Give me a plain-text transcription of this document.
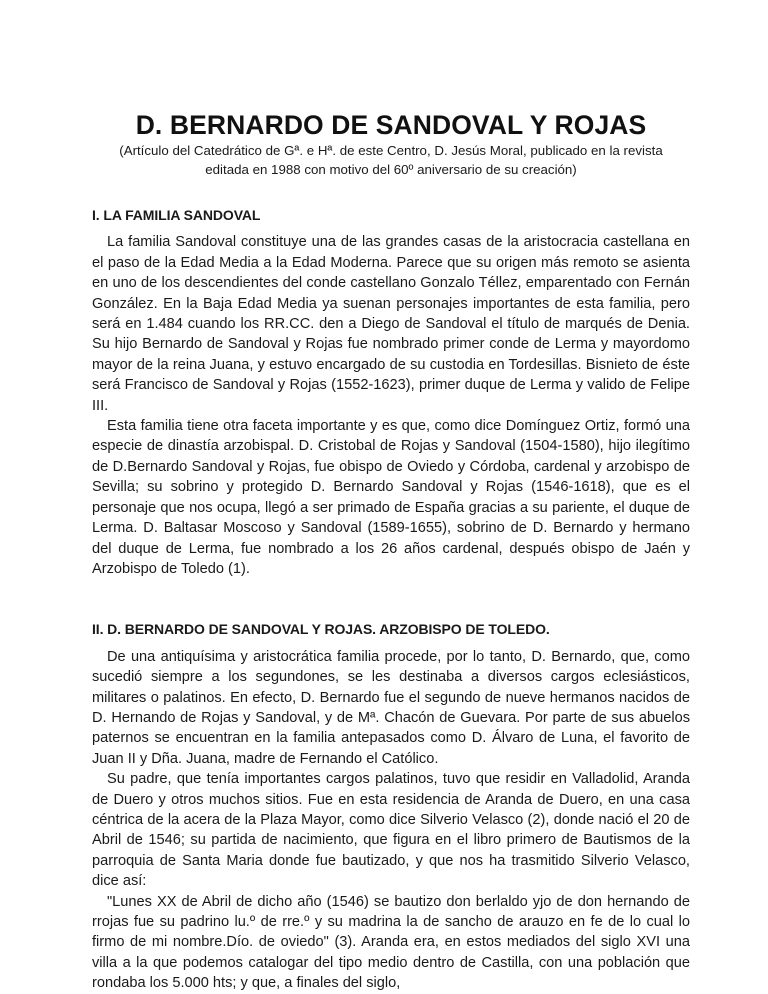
D. BERNARDO DE SANDOVAL Y ROJAS
(Artículo del Catedrático de Gª. e Hª. de este Centro, D. Jesús Moral, publicado en la revista
editada en 1988 con motivo del 60º aniversario de su creación)
I. LA FAMILIA SANDOVAL

La familia Sandoval constituye una de las grandes casas de la aristocracia castellana en el paso de la Edad Media a la Edad Moderna. Parece que su origen más remoto se asienta en uno de los descendientes del conde castellano Gonzalo Téllez, emparentado con Fernán González. En la Baja Edad Media ya suenan personajes importantes de esta familia, pero será en 1.484 cuando los RR.CC. den a Diego de Sandoval el título de marqués de Denia. Su hijo Bernardo de Sandoval y Rojas fue nombrado primer conde de Lerma y mayordomo mayor de la reina Juana, y estuvo encargado de su custodia en Tordesillas. Bisnieto de éste será Francisco de Sandoval y Rojas (1552-1623), primer duque de Lerma y valido de Felipe III.

Esta familia tiene otra faceta importante y es que, como dice Domínguez Ortiz, formó una especie de dinastía arzobispal. D. Cristobal de Rojas y Sandoval (1504-1580), hijo ilegítimo de D.Bernardo Sandoval y Rojas, fue obispo de Oviedo y Córdoba, cardenal y arzobispo de Sevilla; su sobrino y protegido D. Bernardo Sandoval y Rojas (1546-1618), que es el personaje que nos ocupa, llegó a ser primado de España gracias a su pariente, el duque de Lerma. D. Baltasar Moscoso y Sandoval (1589-1655), sobrino de D. Bernardo y hermano del duque de Lerma, fue nombrado a los 26 años cardenal, después obispo de Jaén y Arzobispo de Toledo (1).

II. D. BERNARDO DE SANDOVAL Y ROJAS. ARZOBISPO DE TOLEDO.

De una antiquísima y aristocrática familia procede, por lo tanto, D. Bernardo, que, como sucedió siempre a los segundones, se les destinaba a diversos cargos eclesiásticos, militares o palatinos. En efecto, D. Bernardo fue el segundo de nueve hermanos nacidos de D. Hernando de Rojas y Sandoval, y de Mª. Chacón de Guevara. Por parte de sus abuelos paternos se encuentran en la familia antepasados como D. Álvaro de Luna, el favorito de Juan II y Dña. Juana, madre de Fernando el Católico.

Su padre, que tenía importantes cargos palatinos, tuvo que residir en Valladolid, Aranda de Duero y otros muchos sitios. Fue en esta residencia de Aranda de Duero, en una casa céntrica de la acera de la Plaza Mayor, como dice Silverio Velasco (2), donde nació el 20 de Abril de 1546; su partida de nacimiento, que figura en el libro primero de Bautismos de la parroquia de Santa Maria donde fue bautizado, y que nos ha trasmitido Silverio Velasco, dice así:

"Lunes XX de Abril de dicho año (1546) se bautizo don berlaldo yjo de don hernando de rrojas fue su padrino lu.º de rre.º y su madrina la de sancho de arauzo en fe de lo cual lo firmo de mi nombre.Dío. de oviedo" (3). Aranda era, en estos mediados del siglo XVI una villa a la que podemos catalogar del tipo medio dentro de Castilla, con una población que rondaba los 5.000 hts; y que, a finales del siglo,
